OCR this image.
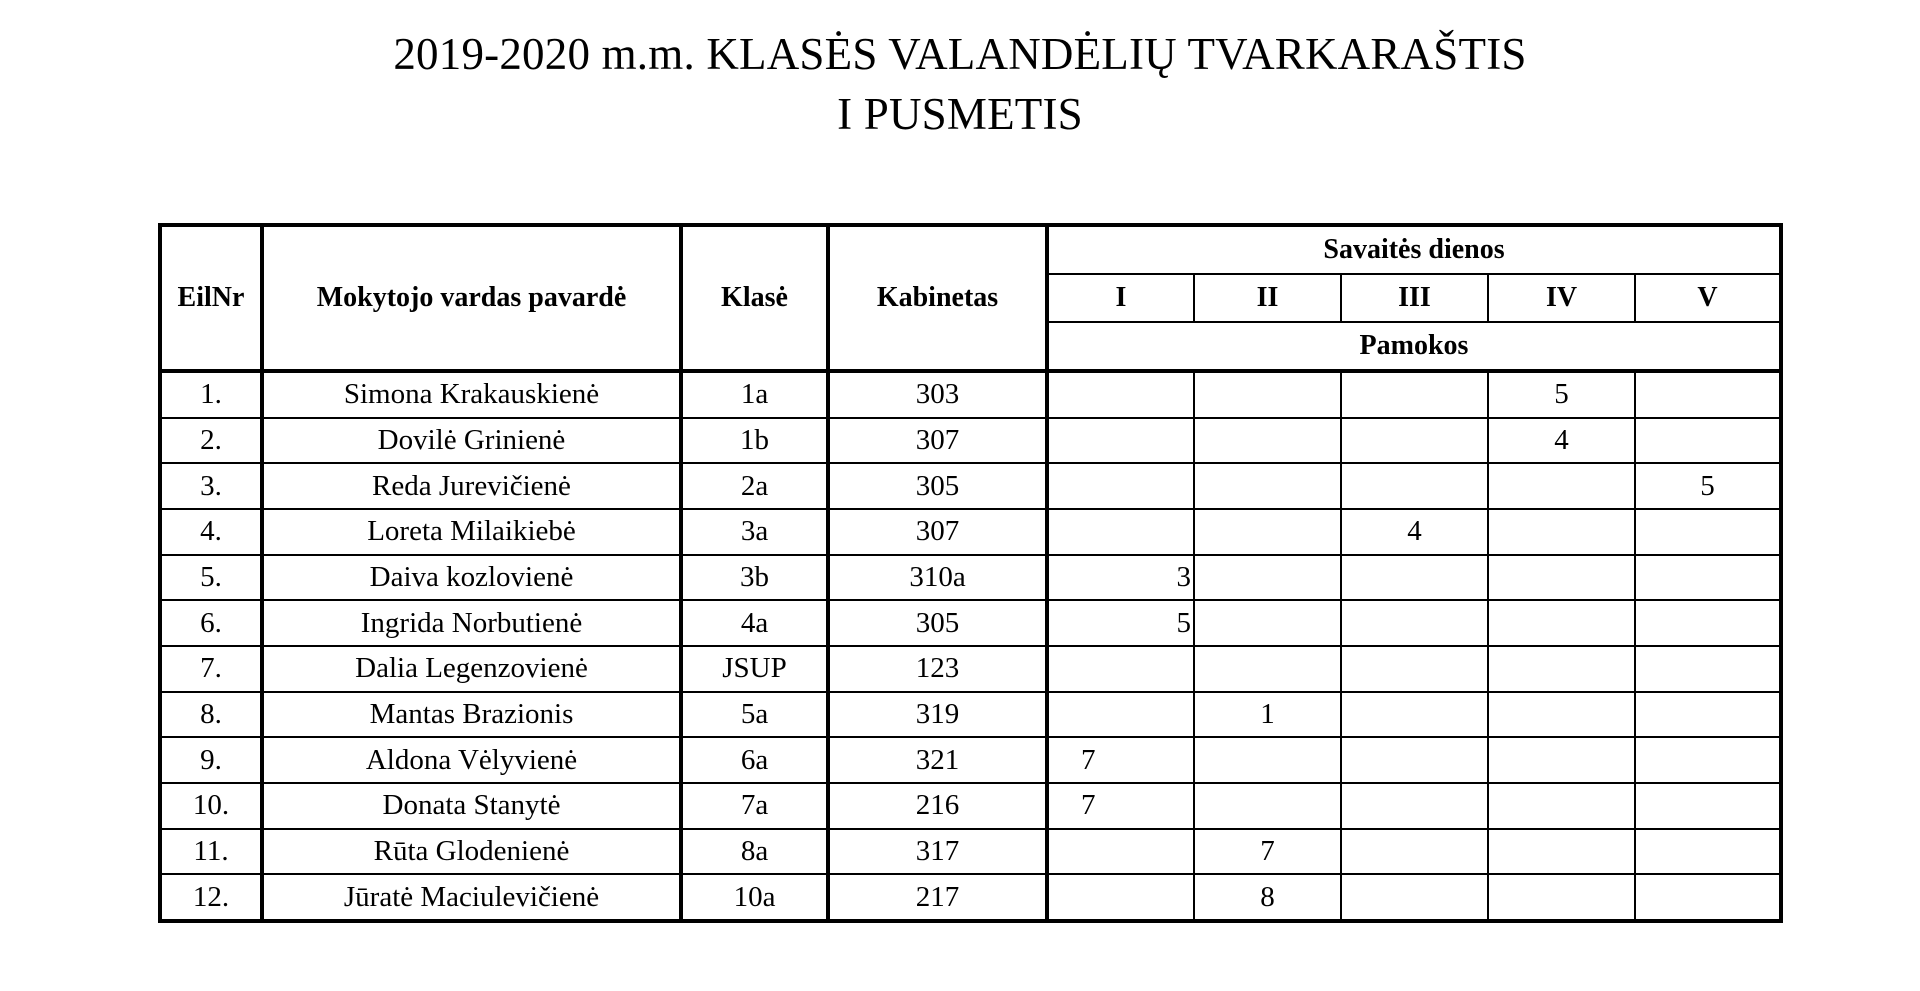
2019-2020 m.m. KLASĖS VALANDĖLIŲ TVARKARAŠTIS
I PUSMETIS
EilNr	Mokytojo vardas pavardė	Klasė	Kabinetas	Savaitės dienos				
				I	II	III	IV	V
				Pamokos				
1.	Simona Krakauskienė	1a	303				5	
2.	Dovilė Grinienė	1b	307				4	
3.	Reda Jurevičienė	2a	305					5
4.	Loreta Milaikiebė	3a	307			4		
5.	Daiva kozlovienė	3b	310a	3				
6.	Ingrida Norbutienė	4a	305	5				
7.	Dalia Legenzovienė	JSUP	123					
8.	Mantas Brazionis	5a	319		1			
9.	Aldona Vėlyvienė	6a	321	7				
10.	Donata Stanytė	7a	216	7				
11.	Rūta Glodenienė	8a	317		7			
12.	Jūratė Maciulevičienė	10a	217		8			
